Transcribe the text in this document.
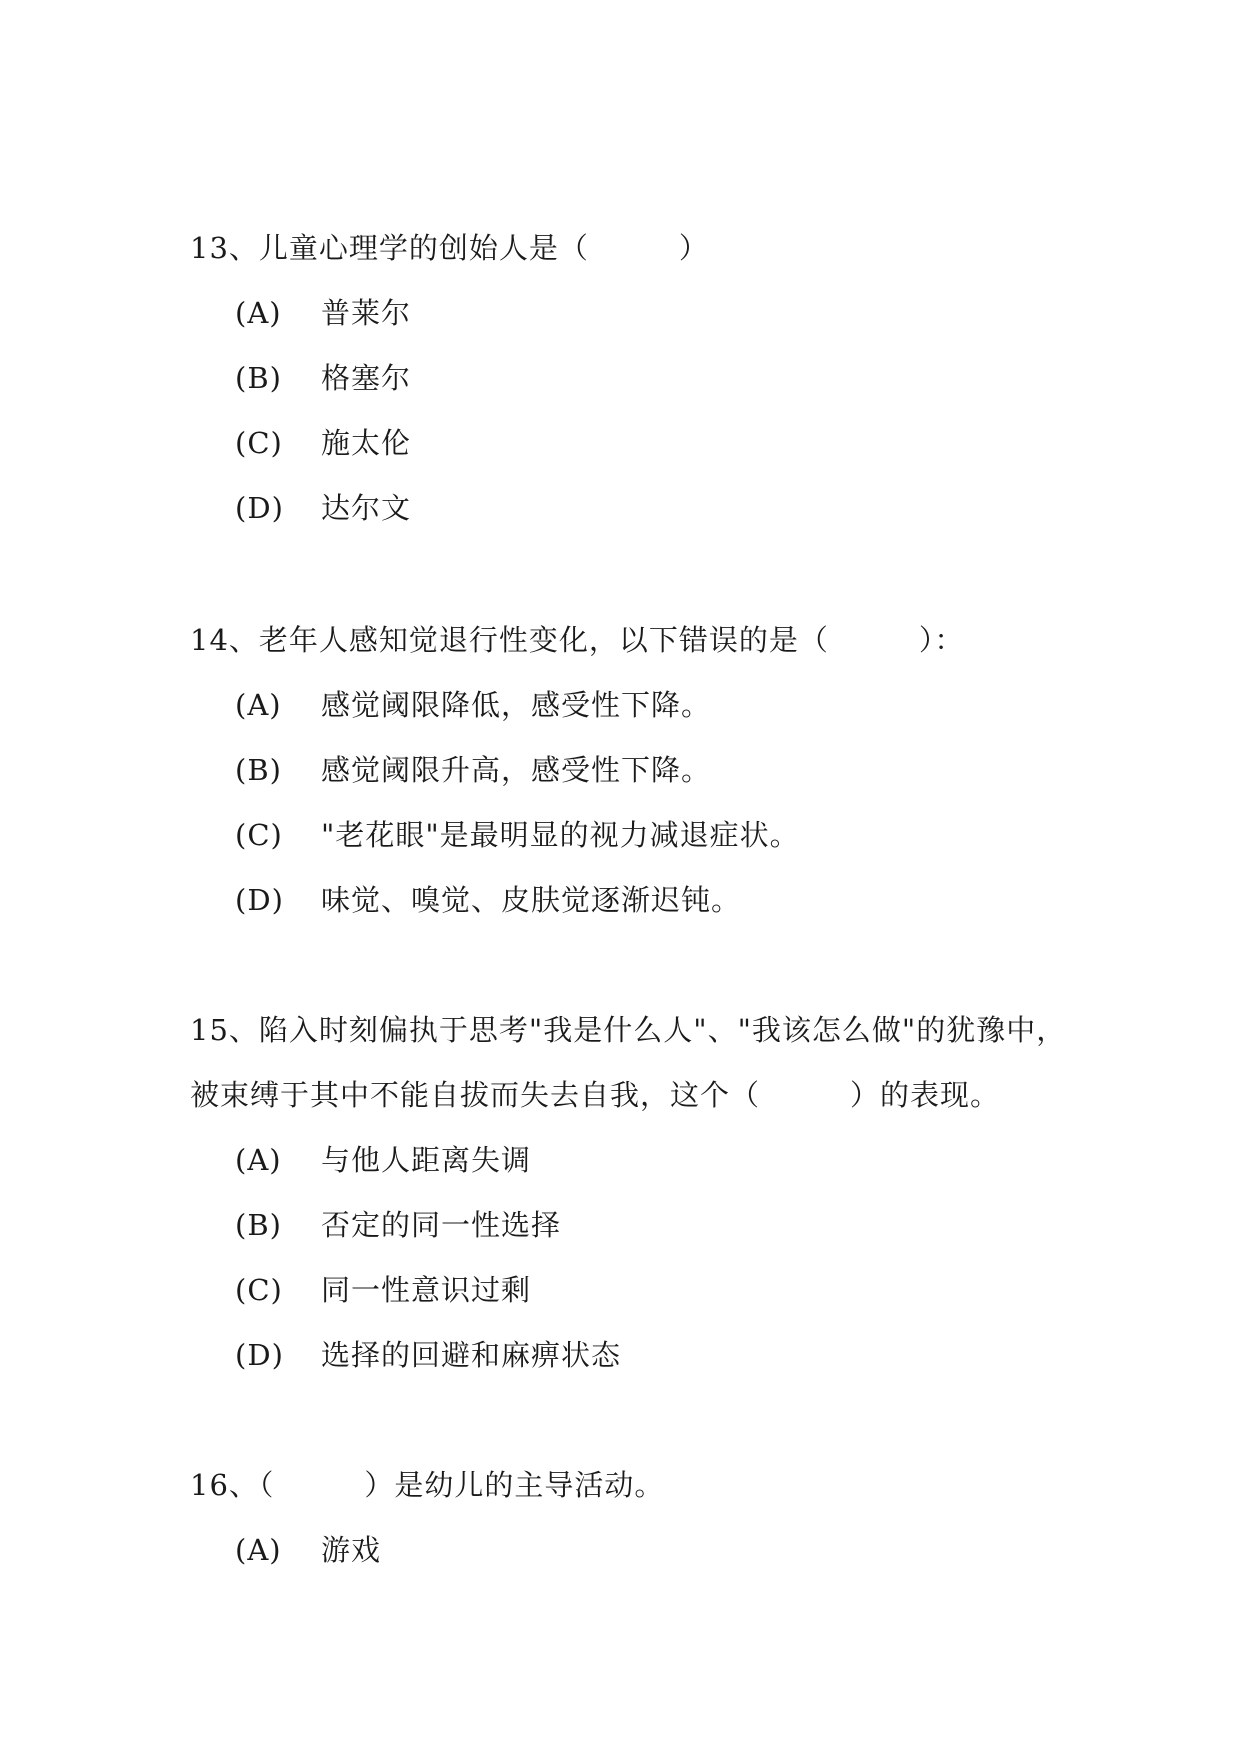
13、儿童心理学的创始人是（　　　）
(A) 普莱尔
(B) 格塞尔
(C) 施太伦
(D) 达尔文
14、老年人感知觉退行性变化，以下错误的是（　　　）：
(A) 感觉阈限降低，感受性下降。
(B) 感觉阈限升高，感受性下降。
(C) "老花眼"是最明显的视力减退症状。
(D) 味觉、嗅觉、皮肤觉逐渐迟钝。
15、陷入时刻偏执于思考"我是什么人"、"我该怎么做"的犹豫中，
被束缚于其中不能自拔而失去自我，这个（　　　）的表现。
(A) 与他人距离失调
(B) 否定的同一性选择
(C) 同一性意识过剩
(D) 选择的回避和麻痹状态
16、（　　　）是幼儿的主导活动。
(A) 游戏
